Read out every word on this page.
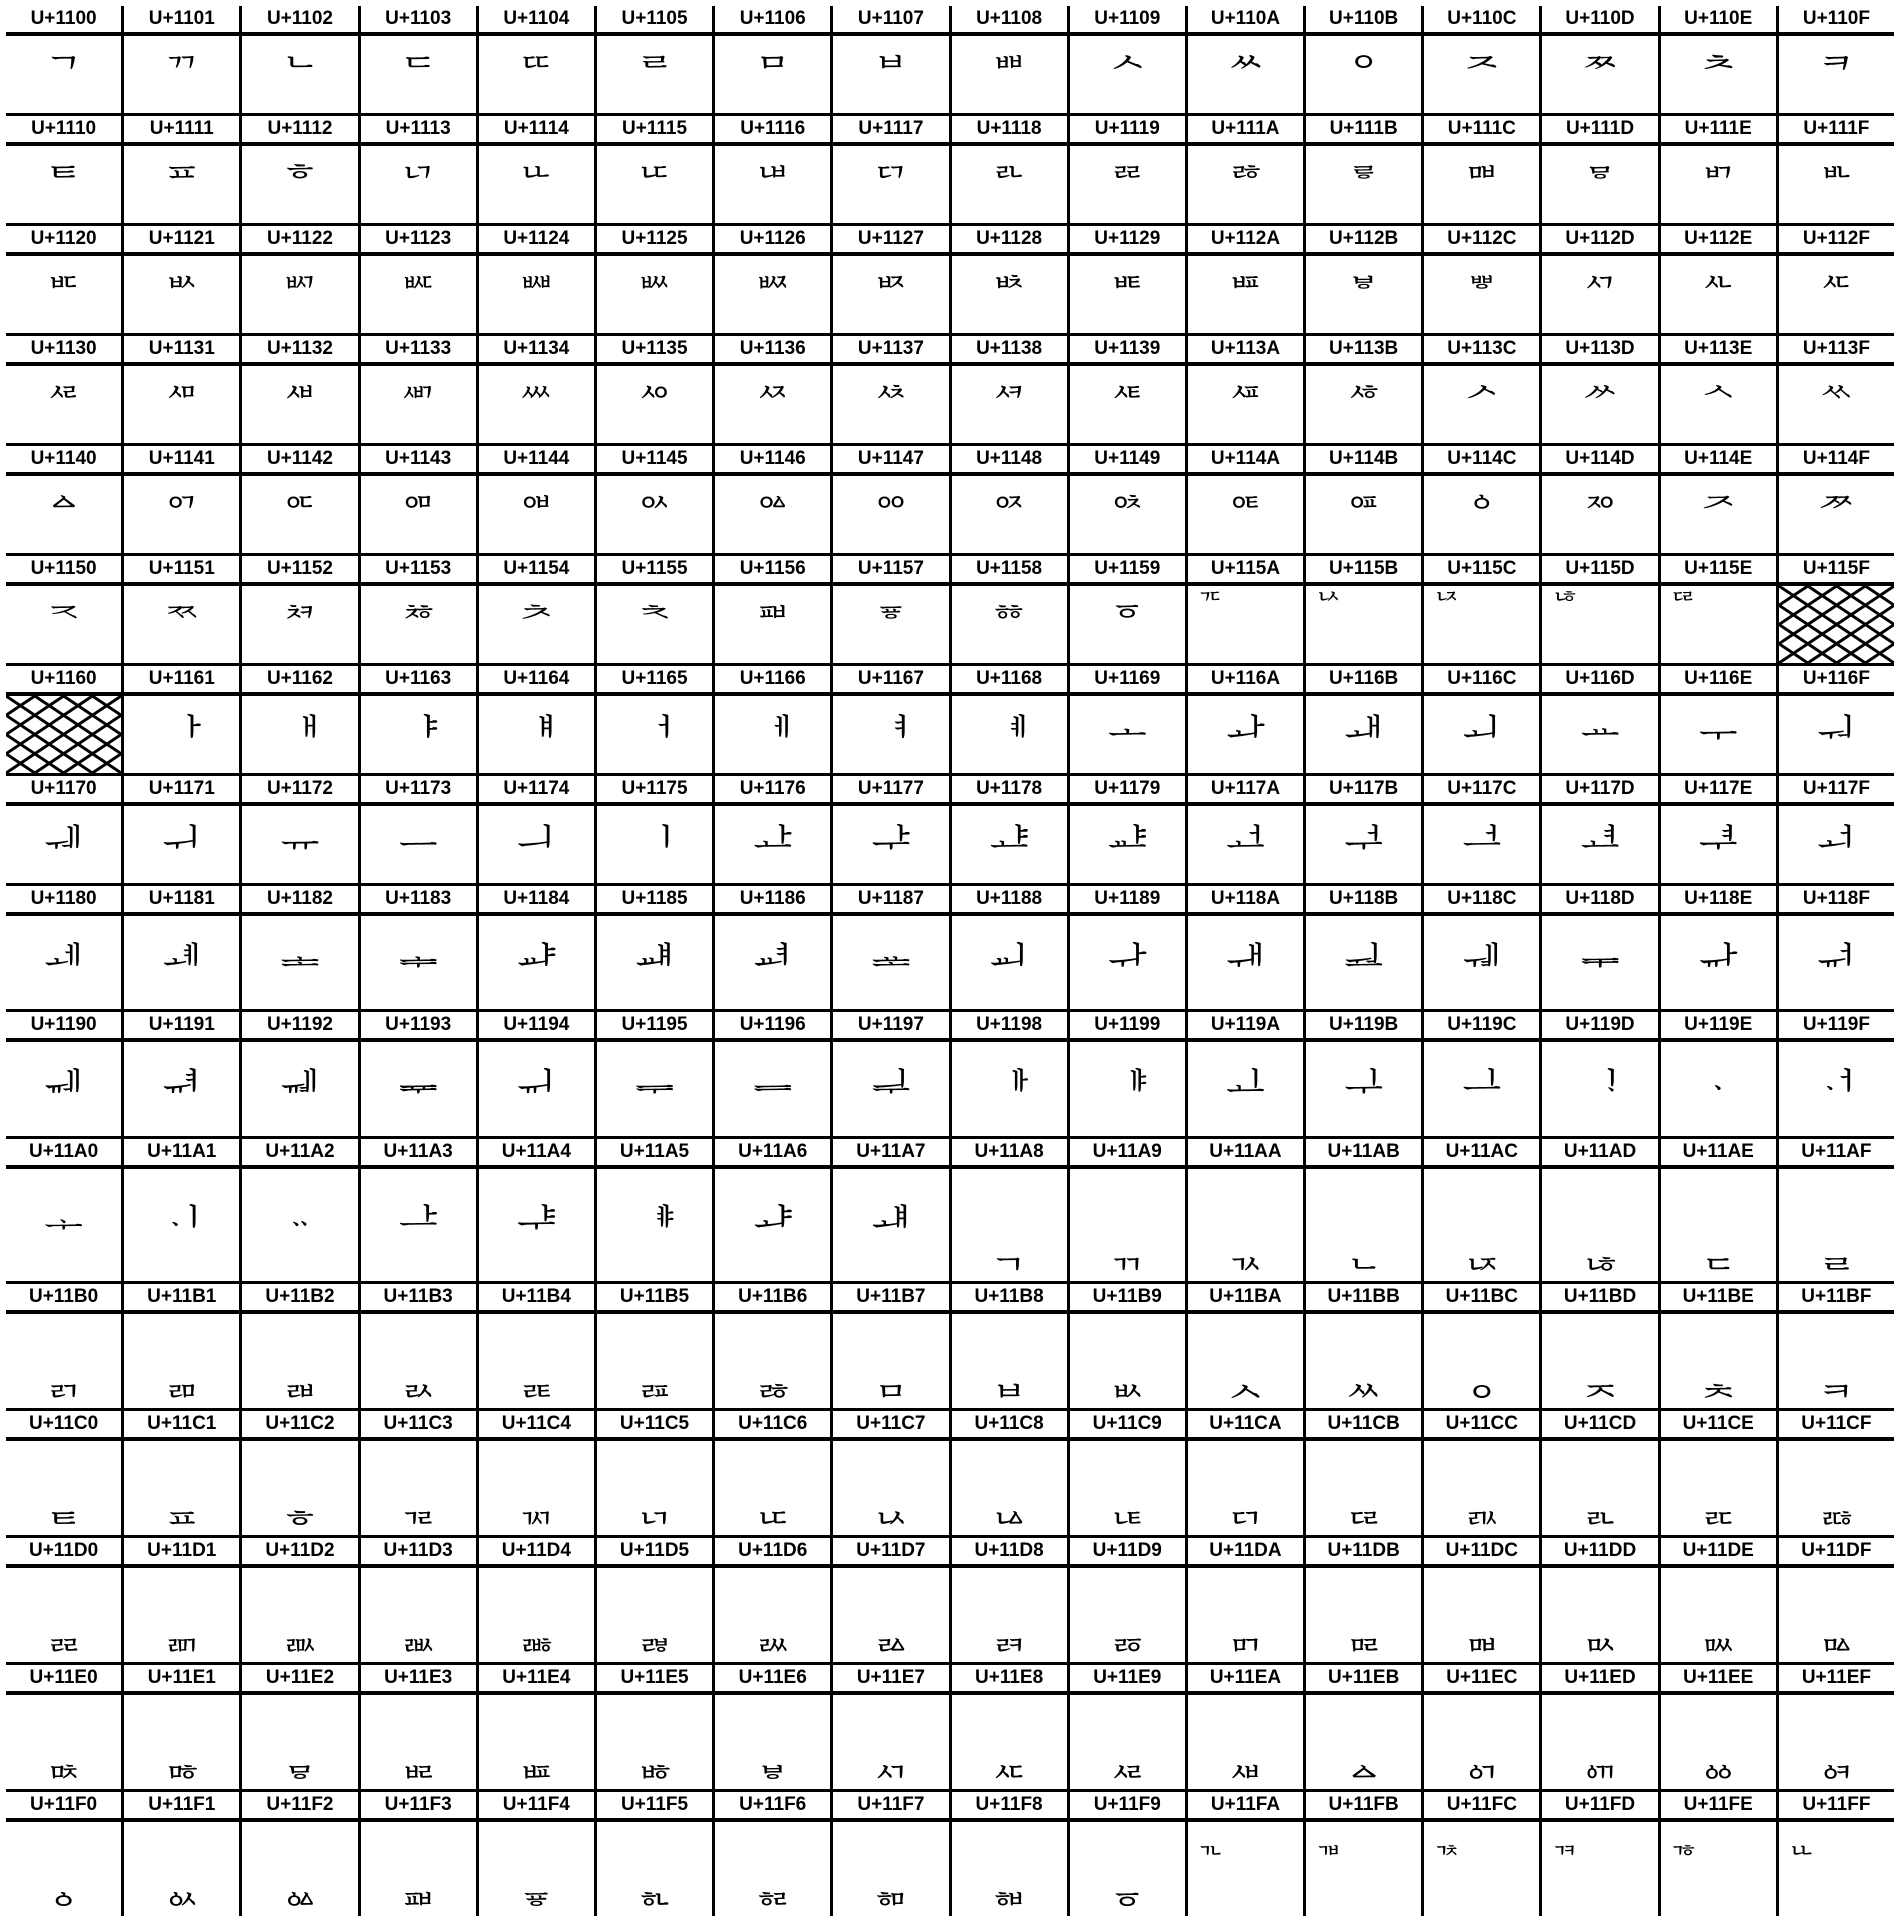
U+1100
ᄀ
U+1101
ᄁ
U+1102
ᄂ
U+1103
ᄃ
U+1104
ᄄ
U+1105
ᄅ
U+1106
ᄆ
U+1107
ᄇ
U+1108
ᄈ
U+1109
ᄉ
U+110A
ᄊ
U+110B
ᄋ
U+110C
ᄌ
U+110D
ᄍ
U+110E
ᄎ
U+110F
ᄏ
U+1110
ᄐ
U+1111
ᄑ
U+1112
ᄒ
U+1113
ᄓ
U+1114
ᄔ
U+1115
ᄕ
U+1116
ᄖ
U+1117
ᄗ
U+1118
ᄘ
U+1119
ᄙ
U+111A
ᄚ
U+111B
ᄛ
U+111C
ᄜ
U+111D
ᄝ
U+111E
ᄞ
U+111F
ᄟ
U+1120
ᄠ
U+1121
ᄡ
U+1122
ᄢ
U+1123
ᄣ
U+1124
ᄤ
U+1125
ᄥ
U+1126
ᄦ
U+1127
ᄧ
U+1128
ᄨ
U+1129
ᄩ
U+112A
ᄪ
U+112B
ᄫ
U+112C
ᄬ
U+112D
ᄭ
U+112E
ᄮ
U+112F
ᄯ
U+1130
ᄰ
U+1131
ᄱ
U+1132
ᄲ
U+1133
ᄳ
U+1134
ᄴ
U+1135
ᄵ
U+1136
ᄶ
U+1137
ᄷ
U+1138
ᄸ
U+1139
ᄹ
U+113A
ᄺ
U+113B
ᄻ
U+113C
ᄼ
U+113D
ᄽ
U+113E
ᄾ
U+113F
ᄿ
U+1140
ᅀ
U+1141
ᅁ
U+1142
ᅂ
U+1143
ᅃ
U+1144
ᅄ
U+1145
ᅅ
U+1146
ᅆ
U+1147
ᅇ
U+1148
ᅈ
U+1149
ᅉ
U+114A
ᅊ
U+114B
ᅋ
U+114C
ᅌ
U+114D
ᅍ
U+114E
ᅎ
U+114F
ᅏ
U+1150
ᅐ
U+1151
ᅑ
U+1152
ᅒ
U+1153
ᅓ
U+1154
ᅔ
U+1155
ᅕ
U+1156
ᅖ
U+1157
ᅗ
U+1158
ᅘ
U+1159
ᅙ
U+115A
ᅚ
U+115B
ᅛ
U+115C
ᅜ
U+115D
ᅝ
U+115E
ᅞ
U+115F
U+1160	U+1161
ᅡ
U+1162
ᅢ
U+1163
ᅣ
U+1164
ᅤ
U+1165
ᅥ
U+1166
ᅦ
U+1167
ᅧ
U+1168
ᅨ
U+1169
ᅩ
U+116A
ᅪ
U+116B
ᅫ
U+116C
ᅬ
U+116D
ᅭ
U+116E
ᅮ
U+116F
ᅯ
U+1170
ᅰ
U+1171
ᅱ
U+1172
ᅲ
U+1173
ᅳ
U+1174
ᅴ
U+1175
ᅵ
U+1176
ᅶ
U+1177
ᅷ
U+1178
ᅸ
U+1179
ᅹ
U+117A
ᅺ
U+117B
ᅻ
U+117C
ᅼ
U+117D
ᅽ
U+117E
ᅾ
U+117F
ᅿ
U+1180
ᆀ
U+1181
ᆁ
U+1182
ᆂ
U+1183
ᆃ
U+1184
ᆄ
U+1185
ᆅ
U+1186
ᆆ
U+1187
ᆇ
U+1188
ᆈ
U+1189
ᆉ
U+118A
ᆊ
U+118B
ᆋ
U+118C
ᆌ
U+118D
ᆍ
U+118E
ᆎ
U+118F
ᆏ
U+1190
ᆐ
U+1191
ᆑ
U+1192
ᆒ
U+1193
ᆓ
U+1194
ᆔ
U+1195
ᆕ
U+1196
ᆖ
U+1197
ᆗ
U+1198
ᆘ
U+1199
ᆙ
U+119A
ᆚ
U+119B
ᆛ
U+119C
ᆜ
U+119D
ᆝ
U+119E
ᆞ
U+119F
ᆟ
U+11A0
ᆠ
U+11A1
ᆡ
U+11A2
ᆢ
U+11A3
ᆣ
U+11A4
ᆤ
U+11A5
ᆥ
U+11A6
ᆦ
U+11A7
ᆧ
U+11A8
ᆨ
U+11A9
ᆩ
U+11AA
ᆪ
U+11AB
ᆫ
U+11AC
ᆬ
U+11AD
ᆭ
U+11AE
ᆮ
U+11AF
ᆯ
U+11B0
ᆰ
U+11B1
ᆱ
U+11B2
ᆲ
U+11B3
ᆳ
U+11B4
ᆴ
U+11B5
ᆵ
U+11B6
ᆶ
U+11B7
ᆷ
U+11B8
ᆸ
U+11B9
ᆹ
U+11BA
ᆺ
U+11BB
ᆻ
U+11BC
ᆼ
U+11BD
ᆽ
U+11BE
ᆾ
U+11BF
ᆿ
U+11C0
ᇀ
U+11C1
ᇁ
U+11C2
ᇂ
U+11C3
ᇃ
U+11C4
ᇄ
U+11C5
ᇅ
U+11C6
ᇆ
U+11C7
ᇇ
U+11C8
ᇈ
U+11C9
ᇉ
U+11CA
ᇊ
U+11CB
ᇋ
U+11CC
ᇌ
U+11CD
ᇍ
U+11CE
ᇎ
U+11CF
ᇏ
U+11D0
ᇐ
U+11D1
ᇑ
U+11D2
ᇒ
U+11D3
ᇓ
U+11D4
ᇔ
U+11D5
ᇕ
U+11D6
ᇖ
U+11D7
ᇗ
U+11D8
ᇘ
U+11D9
ᇙ
U+11DA
ᇚ
U+11DB
ᇛ
U+11DC
ᇜ
U+11DD
ᇝ
U+11DE
ᇞ
U+11DF
ᇟ
U+11E0
ᇠ
U+11E1
ᇡ
U+11E2
ᇢ
U+11E3
ᇣ
U+11E4
ᇤ
U+11E5
ᇥ
U+11E6
ᇦ
U+11E7
ᇧ
U+11E8
ᇨ
U+11E9
ᇩ
U+11EA
ᇪ
U+11EB
ᇫ
U+11EC
ᇬ
U+11ED
ᇭ
U+11EE
ᇮ
U+11EF
ᇯ
U+11F0
ᇰ
U+11F1
ᇱ
U+11F2
ᇲ
U+11F3
ᇳ
U+11F4
ᇴ
U+11F5
ᇵ
U+11F6
ᇶ
U+11F7
ᇷ
U+11F8
ᇸ
U+11F9
ᇹ
U+11FA
ᇺ
U+11FB
ᇻ
U+11FC
ᇼ
U+11FD
ᇽ
U+11FE
ᇾ
U+11FF
ᇿ
